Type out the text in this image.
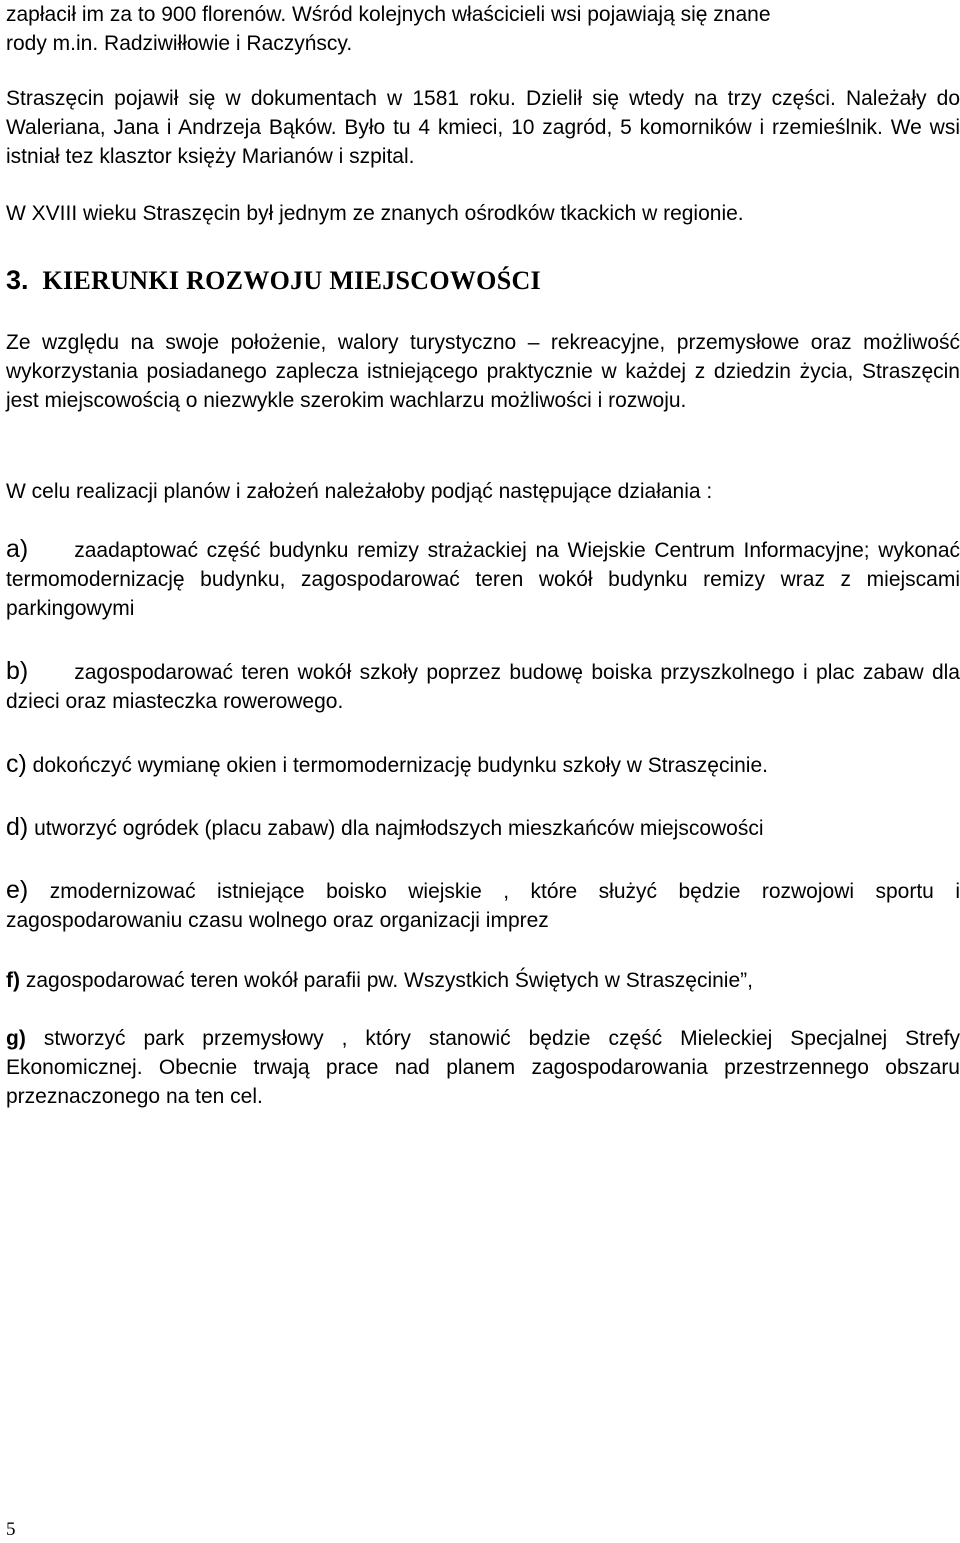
zapłacił im za to 900 florenów. Wśród kolejnych właścicieli wsi pojawiają się znane
rody m.in. Radziwiłłowie i Raczyńscy.

Straszęcin pojawił się w dokumentach w 1581 roku. Dzielił się wtedy na trzy części. Należały do Waleriana, Jana i Andrzeja Bąków. Było tu 4 kmieci, 10 zagród, 5 komorników i rzemieślnik. We wsi istniał tez klasztor księży Marianów i szpital.

W XVIII wieku Straszęcin był jednym ze znanych ośrodków tkackich w regionie.

3. KIERUNKI ROZWOJU MIEJSCOWOŚCI

Ze względu na swoje położenie, walory turystyczno – rekreacyjne, przemysłowe oraz możliwość wykorzystania posiadanego zaplecza istniejącego praktycznie w każdej z dziedzin życia, Straszęcin jest miejscowością o niezwykle szerokim wachlarzu możliwości i rozwoju.

W celu realizacji planów i założeń należałoby podjąć następujące działania :

a) zaadaptować część budynku remizy strażackiej na Wiejskie Centrum Informacyjne; wykonać termomodernizację budynku, zagospodarować teren wokół budynku remizy wraz z miejscami parkingowymi

b) zagospodarować teren wokół szkoły poprzez budowę boiska przyszkolnego i plac zabaw dla dzieci oraz miasteczka rowerowego.

c) dokończyć wymianę okien i termomodernizację budynku szkoły w Straszęcinie.

d) utworzyć ogródek (placu zabaw) dla najmłodszych mieszkańców miejscowości

e) zmodernizować istniejące boisko wiejskie , które służyć będzie rozwojowi sportu i zagospodarowaniu czasu wolnego oraz organizacji imprez

f) zagospodarować teren wokół parafii pw. Wszystkich Świętych w Straszęcinie”,

g) stworzyć park przemysłowy , który stanowić będzie część Mieleckiej Specjalnej Strefy Ekonomicznej. Obecnie trwają prace nad planem zagospodarowania przestrzennego obszaru przeznaczonego na ten cel.

5
